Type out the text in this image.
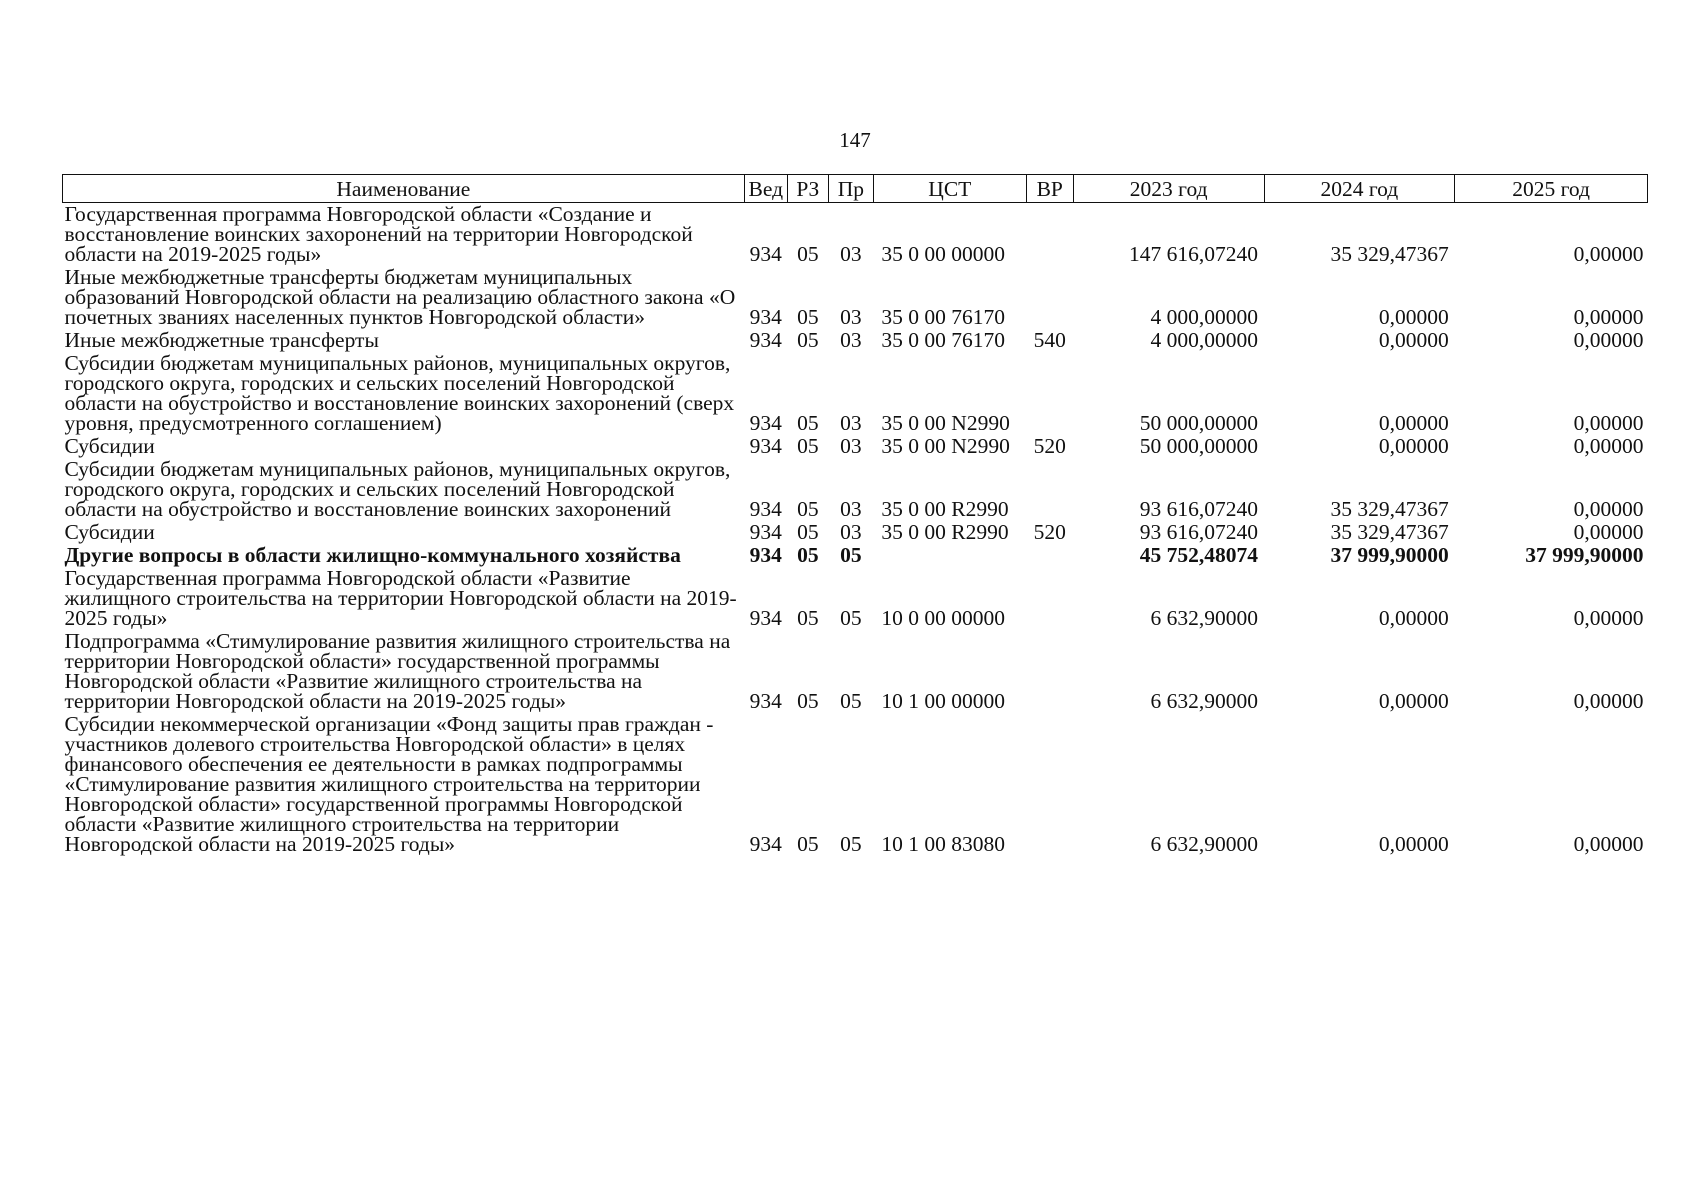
147
Наименование	Вед	РЗ	Пр	ЦСТ	ВР	2023 год	2024 год	2025 год
Государственная программа Новгородской области «Создание и восстановление воинских захоронений на территории Новгородской области на 2019-2025 годы»	934	05	03	35 0 00 00000		147 616,07240	35 329,47367	0,00000
Иные межбюджетные трансферты бюджетам муниципальных образований Новгородской области на реализацию областного закона «О почетных званиях населенных пунктов Новгородской области»	934	05	03	35 0 00 76170		4 000,00000	0,00000	0,00000
Иные межбюджетные трансферты	934	05	03	35 0 00 76170	540	4 000,00000	0,00000	0,00000
Субсидии бюджетам муниципальных районов, муниципальных округов, городского округа, городских и сельских поселений Новгородской области на обустройство и восстановление воинских захоронений (сверх уровня, предусмотренного соглашением)	934	05	03	35 0 00 N2990		50 000,00000	0,00000	0,00000
Субсидии	934	05	03	35 0 00 N2990	520	50 000,00000	0,00000	0,00000
Субсидии бюджетам муниципальных районов, муниципальных округов, городского округа, городских и сельских поселений Новгородской области на обустройство и восстановление воинских захоронений	934	05	03	35 0 00 R2990		93 616,07240	35 329,47367	0,00000
Субсидии	934	05	03	35 0 00 R2990	520	93 616,07240	35 329,47367	0,00000
Другие вопросы в области жилищно-коммунального хозяйства	934	05	05			45 752,48074	37 999,90000	37 999,90000
Государственная программа Новгородской области «Развитие жилищного строительства на территории Новгородской области на 2019-2025 годы»	934	05	05	10 0 00 00000		6 632,90000	0,00000	0,00000
Подпрограмма «Стимулирование развития жилищного строительства на территории Новгородской области» государственной программы Новгородской области «Развитие жилищного строительства на территории Новгородской области на 2019-2025 годы»	934	05	05	10 1 00 00000		6 632,90000	0,00000	0,00000
Субсидии некоммерческой организации «Фонд защиты прав граждан - участников долевого строительства Новгородской области» в целях финансового обеспечения ее деятельности в рамках подпрограммы «Стимулирование развития жилищного строительства на территории Новгородской области» государственной программы Новгородской области «Развитие жилищного строительства на территории Новгородской области на 2019-2025 годы»	934	05	05	10 1 00 83080		6 632,90000	0,00000	0,00000
